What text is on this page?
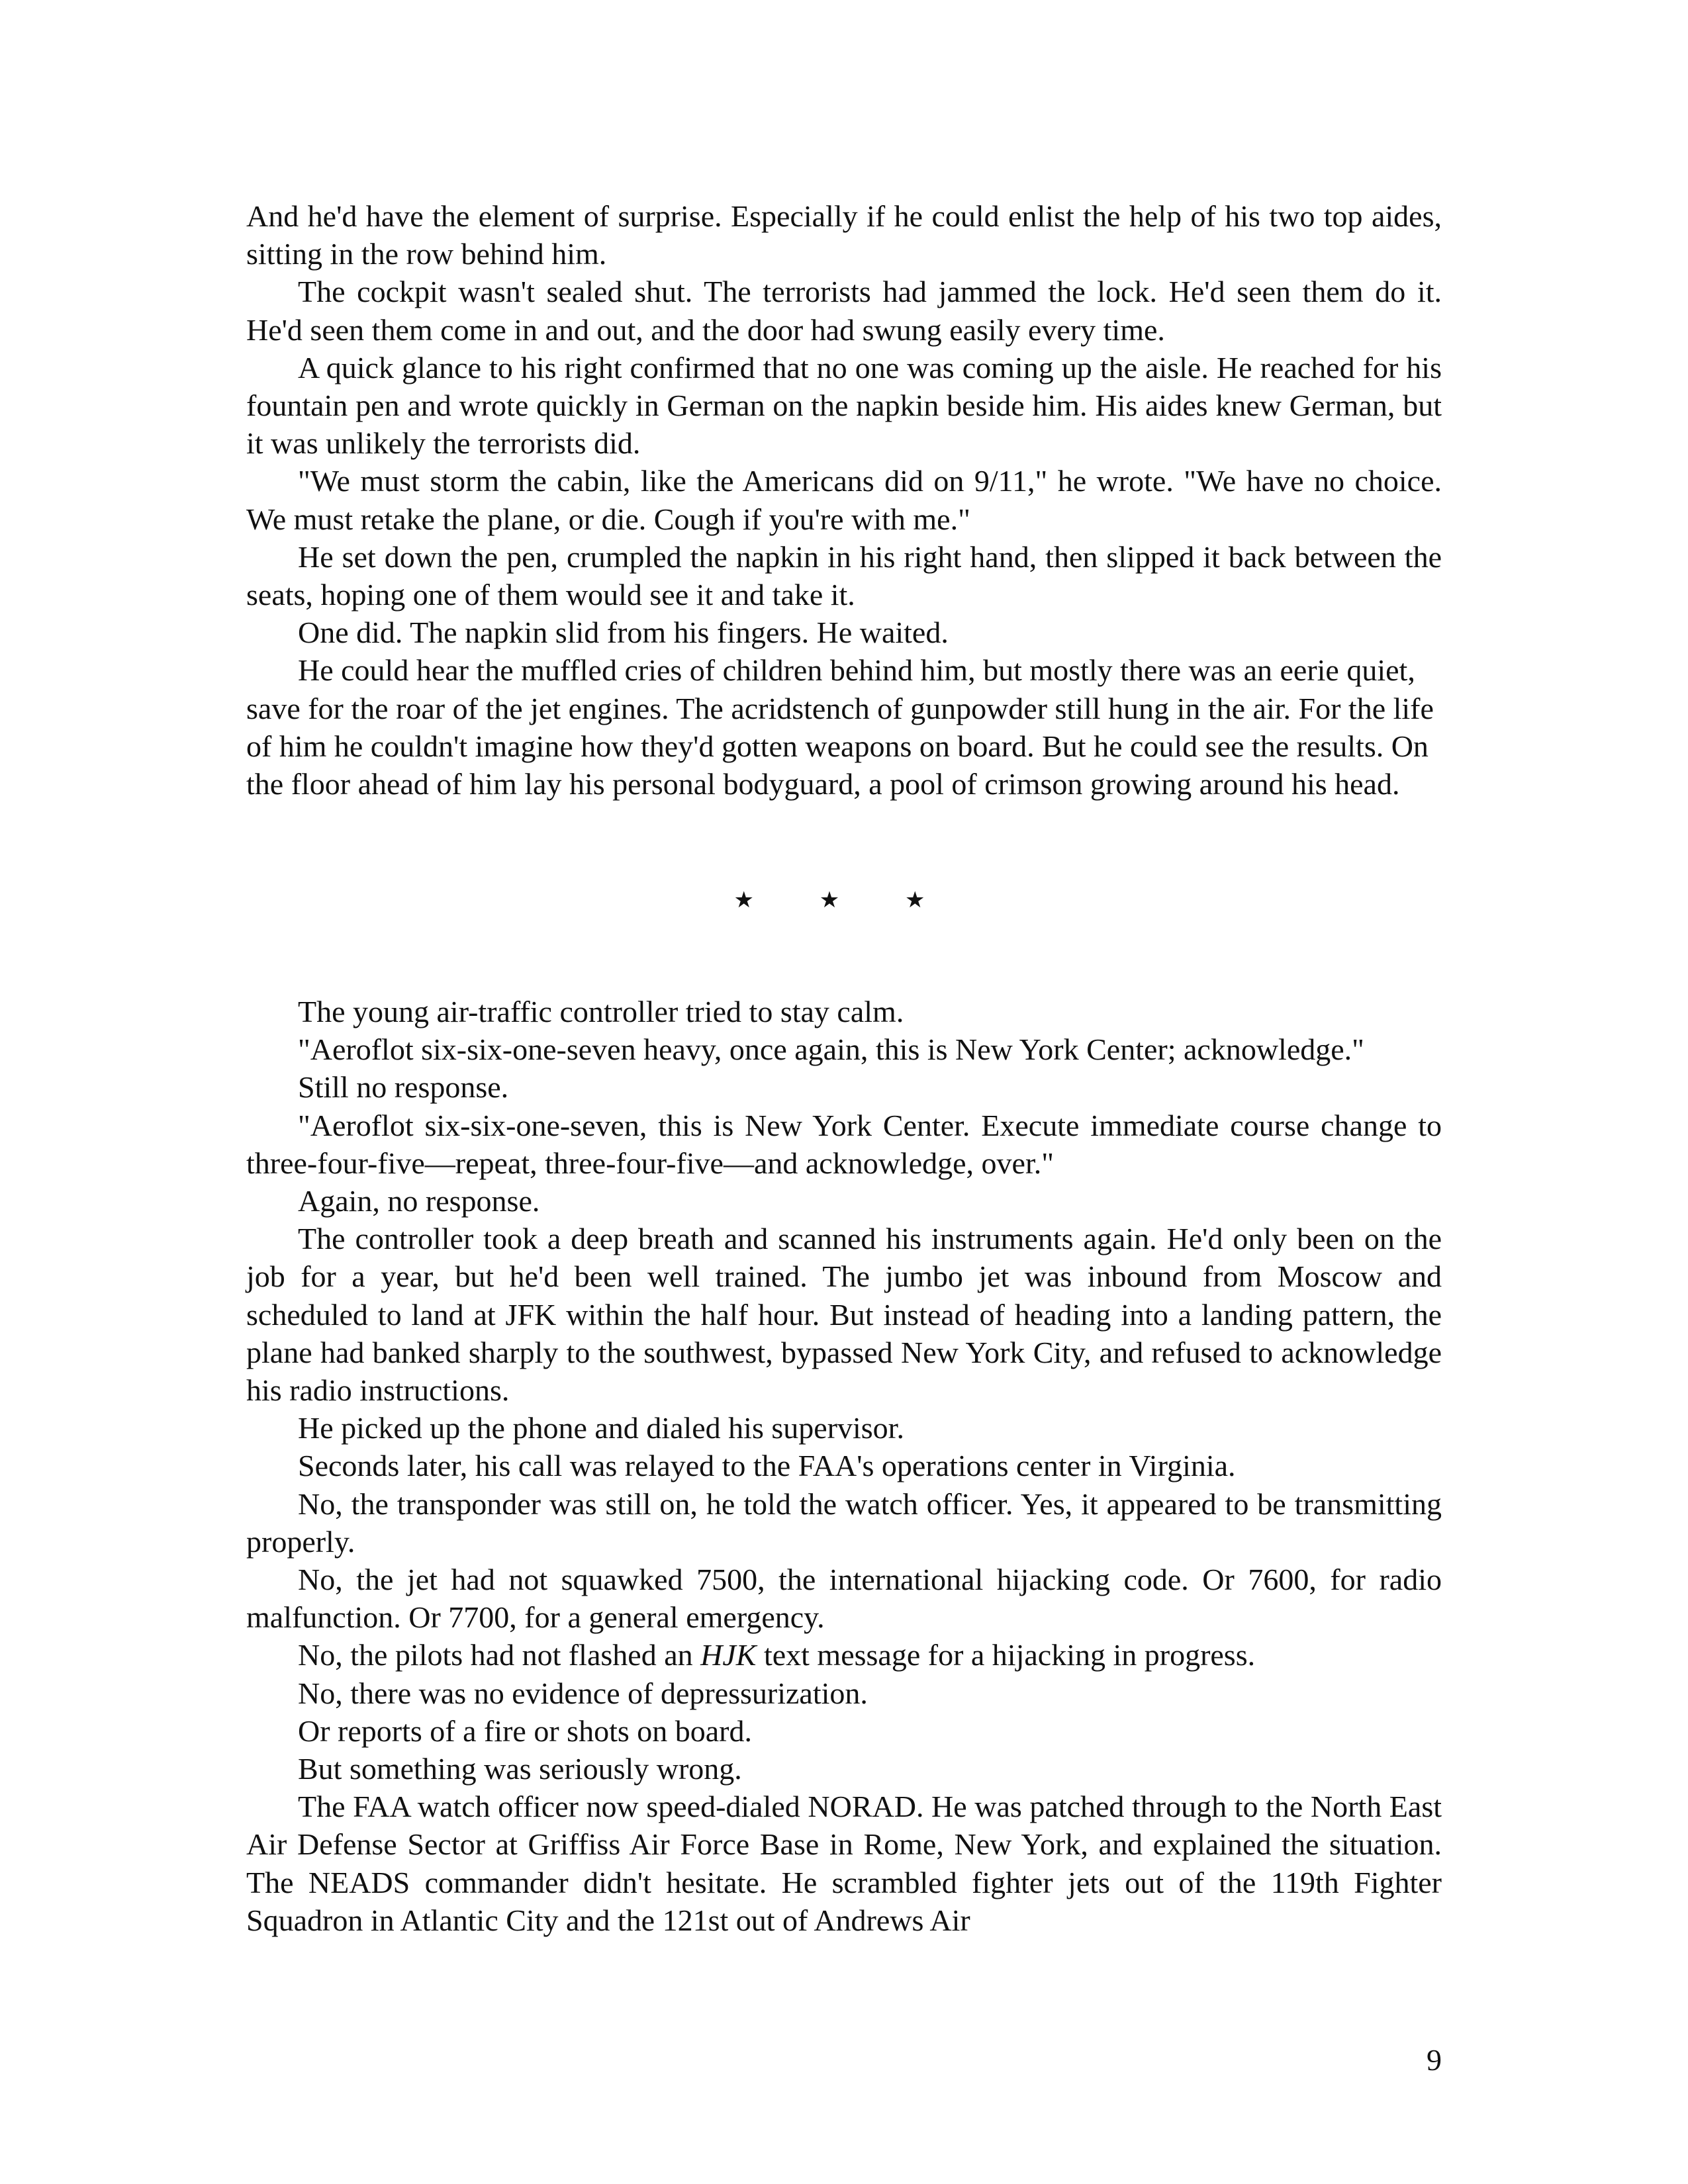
And he'd have the element of surprise. Especially if he could enlist the help of his two top aides, sitting in the row behind him.

The cockpit wasn't sealed shut. The terrorists had jammed the lock. He'd seen them do it. He'd seen them come in and out, and the door had swung easily every time.

A quick glance to his right confirmed that no one was coming up the aisle. He reached for his fountain pen and wrote quickly in German on the napkin beside him. His aides knew German, but it was unlikely the terrorists did.

"We must storm the cabin, like the Americans did on 9/11," he wrote. "We have no choice. We must retake the plane, or die. Cough if you're with me."

He set down the pen, crumpled the napkin in his right hand, then slipped it back between the seats, hoping one of them would see it and take it.

One did. The napkin slid from his fingers. He waited.

He could hear the muffled cries of children behind him, but mostly there was an eerie quiet, save for the roar of the jet engines. The acridstench of gunpowder still hung in the air. For the life of him he couldn't imagine how they'd gotten weapons on board. But he could see the results. On the floor ahead of him lay his personal bodyguard, a pool of crimson growing around his head.

★ ★ ★

The young air-traffic controller tried to stay calm.

"Aeroflot six-six-one-seven heavy, once again, this is New York Center; acknowledge."

Still no response.

"Aeroflot six-six-one-seven, this is New York Center. Execute immediate course change to three-four-five—repeat, three-four-five—and acknowledge, over."

Again, no response.

The controller took a deep breath and scanned his instruments again. He'd only been on the job for a year, but he'd been well trained. The jumbo jet was inbound from Moscow and scheduled to land at JFK within the half hour. But instead of heading into a landing pattern, the plane had banked sharply to the southwest, bypassed New York City, and refused to acknowledge his radio instructions.

He picked up the phone and dialed his supervisor.

Seconds later, his call was relayed to the FAA's operations center in Virginia.

No, the transponder was still on, he told the watch officer. Yes, it appeared to be transmitting properly.

No, the jet had not squawked 7500, the international hijacking code. Or 7600, for radio malfunction. Or 7700, for a general emergency.

No, the pilots had not flashed an HJK text message for a hijacking in progress.

No, there was no evidence of depressurization.

Or reports of a fire or shots on board.

But something was seriously wrong.

The FAA watch officer now speed-dialed NORAD. He was patched through to the North East Air Defense Sector at Griffiss Air Force Base in Rome, New York, and explained the situation. The NEADS commander didn't hesitate. He scrambled fighter jets out of the 119th Fighter Squadron in Atlantic City and the 121st out of Andrews Air

9
